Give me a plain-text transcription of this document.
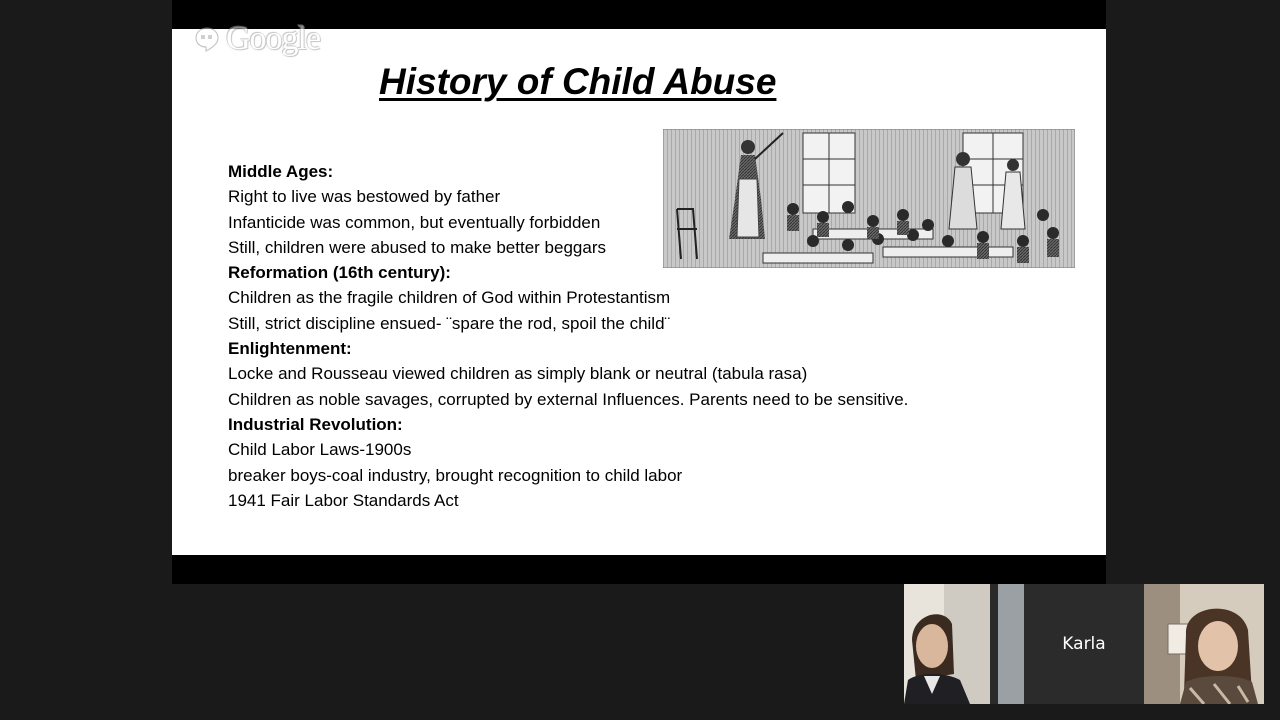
History of Child Abuse
Middle Ages:
Right to live was bestowed by father
Infanticide was common, but eventually forbidden
Still, children were abused to make better beggars
Reformation (16th century):
Children as the fragile children of God within Protestantism
Still, strict discipline ensued- ¨spare the rod, spoil the child¨
Enlightenment:
Locke and Rousseau viewed children as simply blank or neutral (tabula rasa)
Children as noble savages, corrupted by external Influences. Parents need to be sensitive.
Industrial Revolution:
Child Labor Laws-1900s
breaker boys-coal industry, brought recognition to child labor
1941 Fair Labor Standards Act
Google
Karla
